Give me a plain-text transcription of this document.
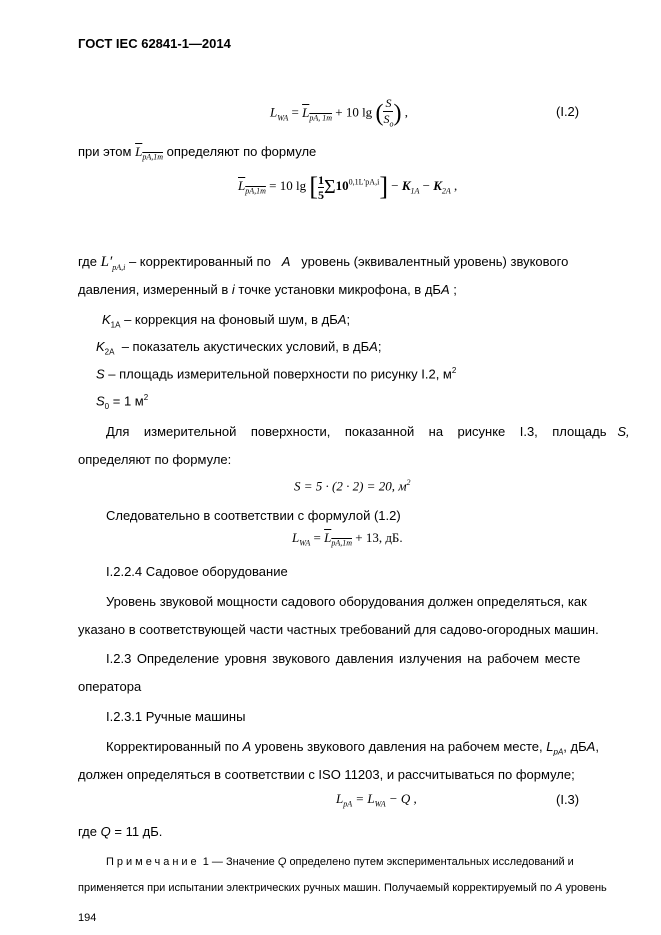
ГОСТ IEC 62841-1—2014
$L_{WA} = L_{pA, 1m} + 10$ lg ( S
$S_o$) ,	(I.2)
при этом $L_{pA,1m}$ определяют по формуле
$L_{pA,1m} = 10$ lg [ $\frac{1}{5}\Sigma 10^{0,1L'pA,i}] - K_{1A} - K_{2A}$ ,
где $L'_{pA,i}$ – корректированный по A уровень (эквивалентный уровень) звукового
давления, измеренный в i точке установки микрофона, в дБA ;
$K_{1A}$ – коррекция на фоновый шум, в дБA;
$K_{2A}$ – показатель акустических условий, в дБA;
S – площадь измерительной поверхности по рисунку I.2, $м^2$
$S_0 = 1$ $м^2$
Для    измерительной    поверхности,    показанной    на    рисунке    I.3,    площадь S,
определяют по формуле:
S = 5 · (2 · 2) = 20, $м^2$
Следовательно в соответствии с формулой (1.2)
$L_{WA} = L_{pA,1m} + 13$, дБ.
I.2.2.4 Садовое оборудование
Уровень звуковой мощности садового оборудования должен определяться, как
указано в соответствующей части частных требований для садово-огородных машин.
I.2.3 Определение уровня звукового давления излучения на рабочем месте
оператора
I.2.3.1 Ручные машины
Корректированный по A уровень звукового давления на рабочем месте, $L_{pA}$, дБA,
должен определяться в соответствии с ISO 11203, и рассчитываться по формуле;
$L_{pA} = L_{WA} - Q$ ,	(I.3)
где Q = 11 дБ.
Примечание 1 — Значение Q определено путем экспериментальных исследований и
применяется при испытании электрических ручных машин. Получаемый корректируемый по A уровень
194
